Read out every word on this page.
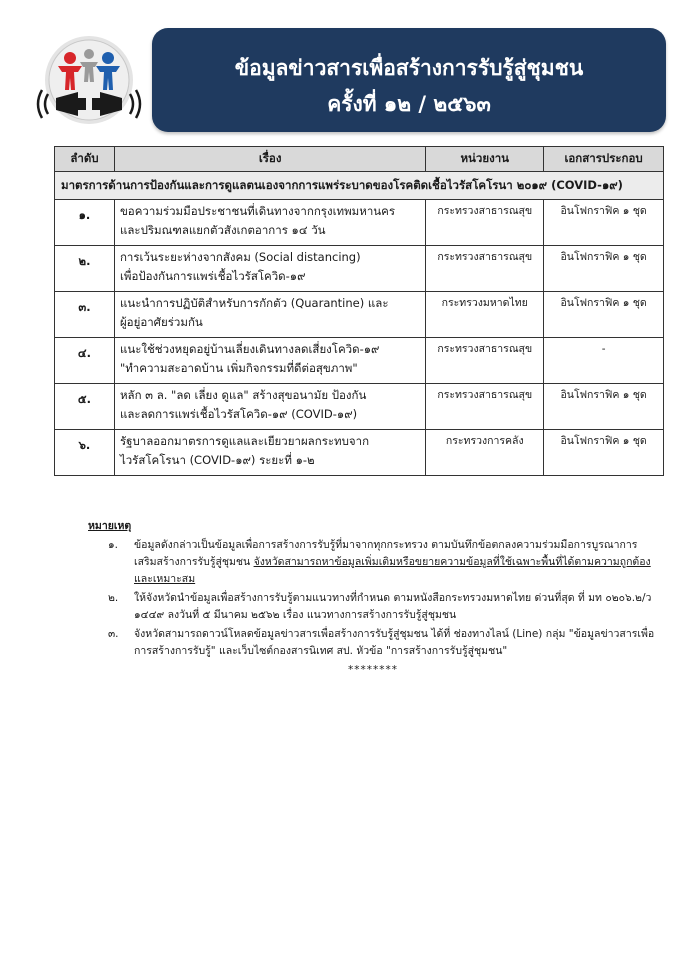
ข้อมูลข่าวสารเพื่อสร้างการรับรู้สู่ชุมชน
ครั้งที่ ๑๒ / ๒๕๖๓
ลำดับ	เรื่อง	หน่วยงาน	เอกสารประกอบ
มาตรการด้านการป้องกันและการดูแลตนเองจากการแพร่ระบาดของโรคติดเชื้อไวรัสโคโรนา ๒๐๑๙ (COVID-๑๙)			
๑.	ขอความร่วมมือประชาชนที่เดินทางจากกรุงเทพมหานคร
และปริมณฑลแยกตัวสังเกตอาการ ๑๔ วัน	กระทรวงสาธารณสุข	อินโฟกราฟิค ๑ ชุด
๒.	การเว้นระยะห่างจากสังคม (Social distancing)
เพื่อป้องกันการแพร่เชื้อไวรัสโควิด-๑๙	กระทรวงสาธารณสุข	อินโฟกราฟิค ๑ ชุด
๓.	แนะนำการปฏิบัติสำหรับการกักตัว (Quarantine) และ
ผู้อยู่อาศัยร่วมกัน	กระทรวงมหาดไทย	อินโฟกราฟิค ๑ ชุด
๔.	แนะใช้ช่วงหยุดอยู่บ้านเลี่ยงเดินทางลดเสี่ยงโควิด-๑๙
"ทำความสะอาดบ้าน เพิ่มกิจกรรมที่ดีต่อสุขภาพ"	กระทรวงสาธารณสุข	-
๕.	หลัก ๓ ล. "ลด เลี่ยง ดูแล" สร้างสุขอนามัย ป้องกัน
และลดการแพร่เชื้อไวรัสโควิด-๑๙ (COVID-๑๙)	กระทรวงสาธารณสุข	อินโฟกราฟิค ๑ ชุด
๖.	รัฐบาลออกมาตรการดูแลและเยียวยาผลกระทบจาก
ไวรัสโคโรนา (COVID-๑๙) ระยะที่ ๑-๒	กระทรวงการคลัง	อินโฟกราฟิค ๑ ชุด
หมายเหตุ
๑.	ข้อมูลดังกล่าวเป็นข้อมูลเพื่อการสร้างการรับรู้ที่มาจากทุกกระทรวง ตามบันทึกข้อตกลงความร่วมมือการบูรณาการเสริมสร้างการรับรู้สู่ชุมชน จังหวัดสามารถหาข้อมูลเพิ่มเติมหรือขยายความข้อมูลที่ใช้เฉพาะพื้นที่ได้ตามความถูกต้องและเหมาะสม
๒.	ให้จังหวัดนำข้อมูลเพื่อสร้างการรับรู้ตามแนวทางที่กำหนด ตามหนังสือกระทรวงมหาดไทย ด่วนที่สุด ที่ มท ๐๒๐๖.๒/ว ๑๔๔๙ ลงวันที่ ๕ มีนาคม ๒๕๖๒ เรื่อง แนวทางการสร้างการรับรู้สู่ชุมชน
๓.	จังหวัดสามารถดาวน์โหลดข้อมูลข่าวสารเพื่อสร้างการรับรู้สู่ชุมชน ได้ที่ ช่องทางไลน์ (Line) กลุ่ม "ข้อมูลข่าวสารเพื่อการสร้างการรับรู้" และเว็บไซต์กองสารนิเทศ สป. หัวข้อ "การสร้างการรับรู้สู่ชุมชน"
********
